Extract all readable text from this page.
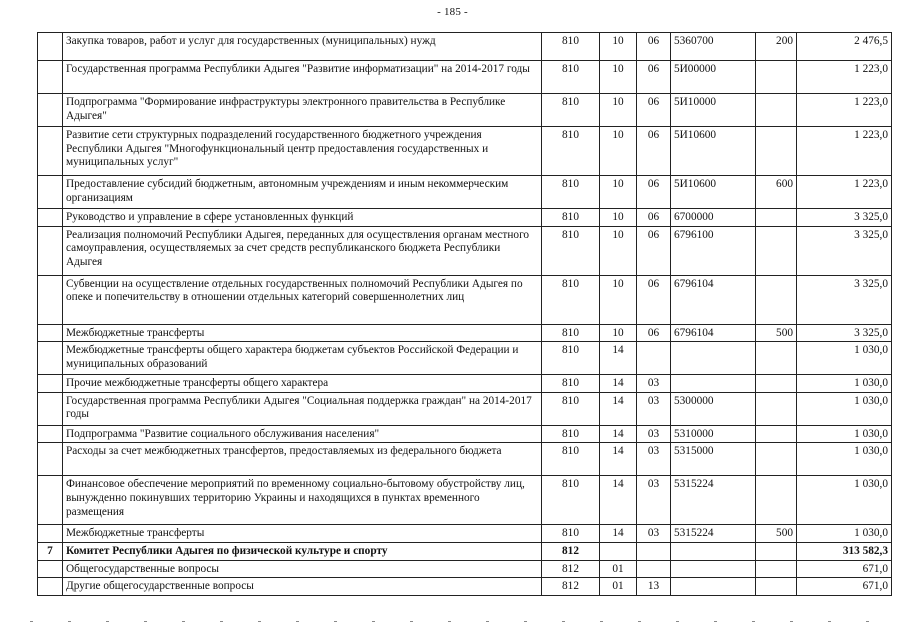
- 185 -
	Закупка товаров, работ и услуг для государственных (муниципальных) нужд	810	10	06	5360700	200	2 476,5
	Государственная программа Республики Адыгея "Развитие информатизации" на 2014-2017 годы	810	10	06	5И00000		1 223,0
	Подпрограмма "Формирование инфраструктуры электронного правительства в Республике Адыгея"	810	10	06	5И10000		1 223,0
	Развитие сети структурных подразделений государственного бюджетного учреждения Республики Адыгея "Многофункциональный центр предоставления государственных и муниципальных услуг"	810	10	06	5И10600		1 223,0
	Предоставление субсидий бюджетным, автономным учреждениям и иным некоммерческим организациям	810	10	06	5И10600	600	1 223,0
	Руководство и управление в сфере установленных функций	810	10	06	6700000		3 325,0
	Реализация полномочий Республики Адыгея, переданных для осуществления органам местного самоуправления, осуществляемых за счет средств республиканского бюджета Республики Адыгея	810	10	06	6796100		3 325,0
	Субвенции на осуществление отдельных государственных полномочий Республики Адыгея по опеке и попечительству в отношении отдельных категорий совершеннолетних лиц	810	10	06	6796104		3 325,0
	Межбюджетные трансферты	810	10	06	6796104	500	3 325,0
	Межбюджетные трансферты общего характера бюджетам субъектов Российской Федерации и муниципальных образований	810	14				1 030,0
	Прочие межбюджетные трансферты общего характера	810	14	03			1 030,0
	Государственная программа Республики Адыгея "Социальная поддержка граждан" на 2014-2017 годы	810	14	03	5300000		1 030,0
	Подпрограмма "Развитие социального обслуживания населения"	810	14	03	5310000		1 030,0
	Расходы за счет межбюджетных трансфертов, предоставляемых из федерального бюджета	810	14	03	5315000		1 030,0
	Финансовое обеспечение мероприятий по временному социально-бытовому обустройству лиц, вынужденно покинувших территорию Украины и находящихся в пунктах временного размещения	810	14	03	5315224		1 030,0
	Межбюджетные трансферты	810	14	03	5315224	500	1 030,0
7	Комитет Республики Адыгея по физической культуре и спорту	812					313 582,3
	Общегосударственные вопросы	812	01				671,0
	Другие общегосударственные вопросы	812	01	13			671,0
